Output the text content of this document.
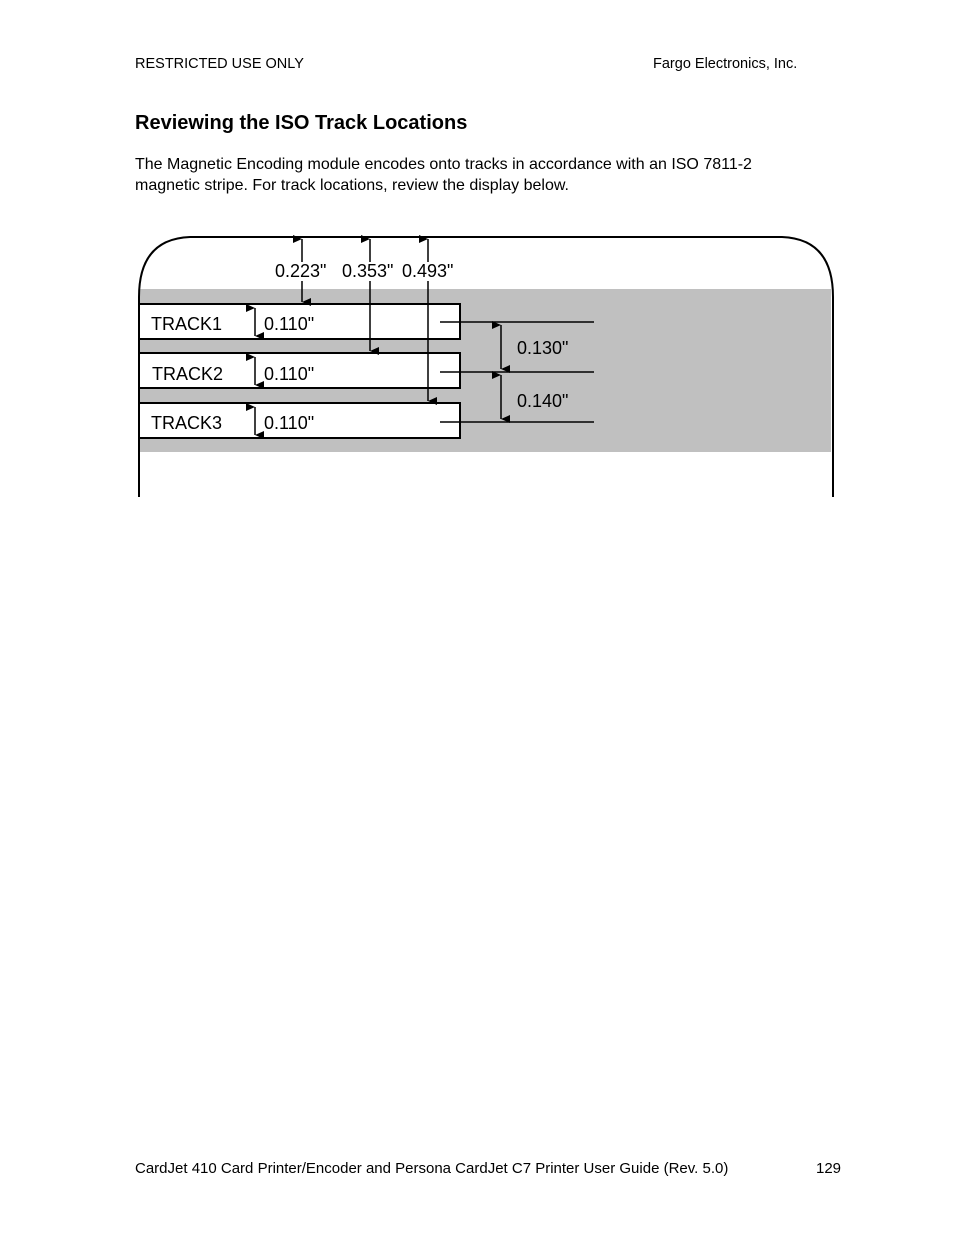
RESTRICTED USE ONLY	Fargo Electronics, Inc.
Reviewing the ISO Track Locations

The Magnetic Encoding module encodes onto tracks in accordance with an ISO 7811-2 magnetic stripe. For track locations, review the display below.

TRACK1
TRACK2
TRACK3
0.110"
0.110"
0.110"
0.223" 0.353" 0.493"
0.130"
0.140"
CardJet 410 Card Printer/Encoder and Persona CardJet C7 Printer User Guide (Rev. 5.0)	129
